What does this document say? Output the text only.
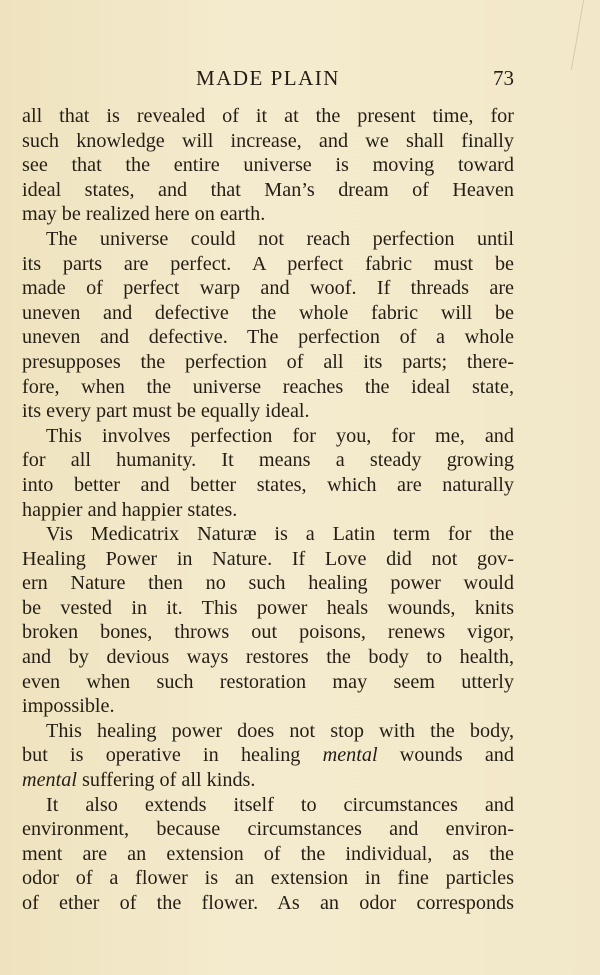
MADE PLAIN	73
all that is revealed of it at the present time, for
such knowledge will increase, and we shall finally
see that the entire universe is moving toward
ideal states, and that Man’s dream of Heaven
may be realized here on earth.
The universe could not reach perfection until
its parts are perfect. A perfect fabric must be
made of perfect warp and woof. If threads are
uneven and defective the whole fabric will be
uneven and defective. The perfection of a whole
presupposes the perfection of all its parts; there-
fore, when the universe reaches the ideal state,
its every part must be equally ideal.
This involves perfection for you, for me, and
for all humanity. It means a steady growing
into better and better states, which are naturally
happier and happier states.
Vis Medicatrix Naturæ is a Latin term for the
Healing Power in Nature. If Love did not gov-
ern Nature then no such healing power would
be vested in it. This power heals wounds, knits
broken bones, throws out poisons, renews vigor,
and by devious ways restores the body to health,
even when such restoration may seem utterly
impossible.
This healing power does not stop with the body,
but is operative in healing mental wounds and
mental suffering of all kinds.
It also extends itself to circumstances and
environment, because circumstances and environ-
ment are an extension of the individual, as the
odor of a flower is an extension in fine particles
of ether of the flower. As an odor corresponds
